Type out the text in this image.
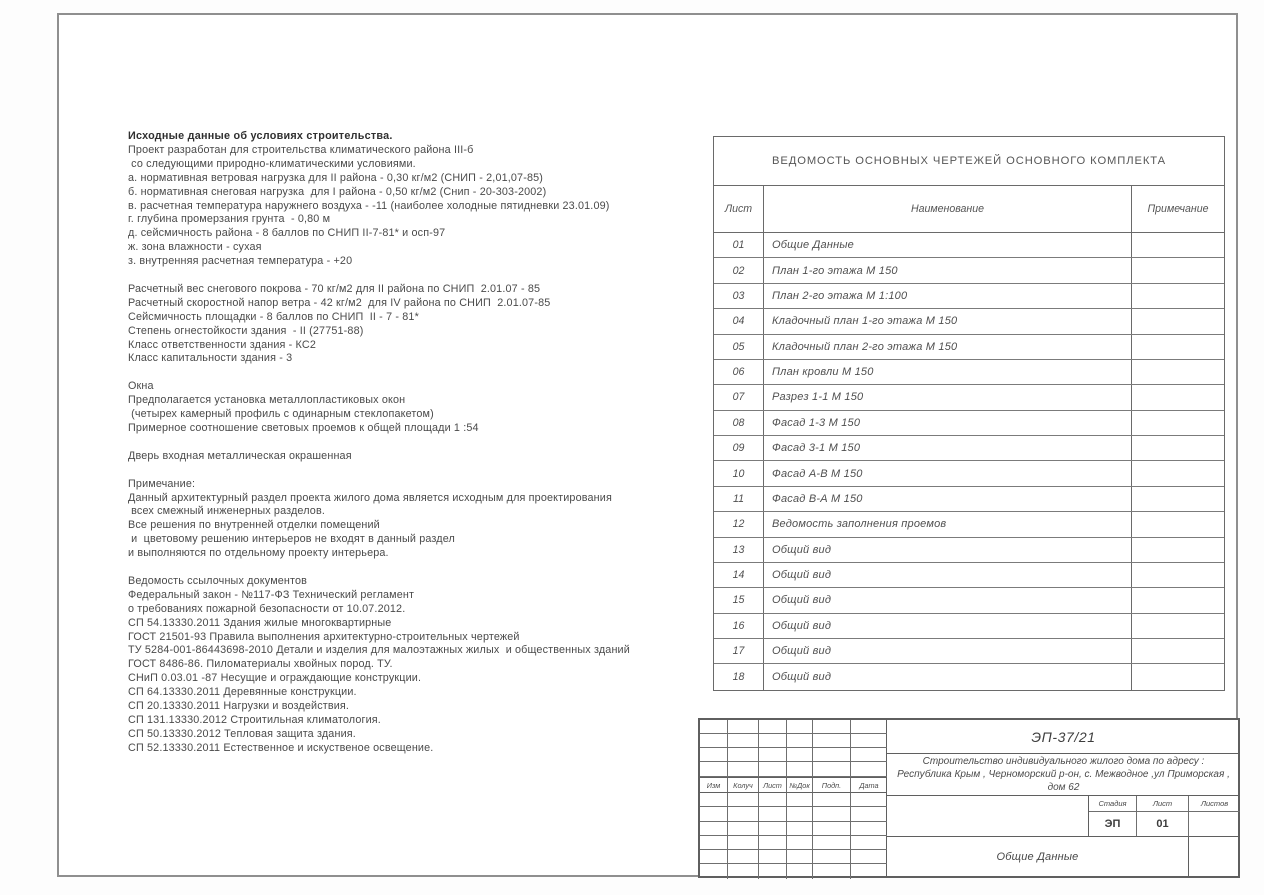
Исходные данные об условиях строительства.
Проект разработан для строительства климатического района III-б
со следующими природно-климатическими условиями.
а. нормативная ветровая нагрузка для II района - 0,30 кг/м2 (СНИП - 2,01,07-85)
б. нормативная снеговая нагрузка  для I района - 0,50 кг/м2 (Снип - 20-303-2002)
в. расчетная температура наружнего воздуха - -11 (наиболее холодные пятидневки 23.01.09)
г. глубина промерзания грунта  - 0,80 м
д. сейсмичность района - 8 баллов по СНИП II-7-81* и осп-97
ж. зона влажности - сухая
з. внутренняя расчетная температура - +20
Расчетный вес снегового покрова - 70 кг/м2 для II района по СНИП  2.01.07 - 85
Расчетный скоростной напор ветра - 42 кг/м2  для IV района по СНИП  2.01.07-85
Сейсмичность площадки - 8 баллов по СНИП  II - 7 - 81*
Степень огнестойкости здания  - II (27751-88)
Класс ответственности здания - КС2
Класс капитальности здания - 3
Окна
Предполагается установка металлопластиковых окон
(четырех камерный профиль с одинарным стеклопакетом)
Примерное соотношение световых проемов к общей площади 1 :54
Дверь входная металлическая окрашенная
Примечание:
Данный архитектурный раздел проекта жилого дома является исходным для проектирования
всех смежный инженерных разделов.
Все решения по внутренней отделки помещений
и  цветовому решению интерьеров не входят в данный раздел
и выполняются по отдельному проекту интерьера.
Ведомость ссылочных документов
Федеральный закон - №117-ФЗ Технический регламент
о требованиях пожарной безопасности от 10.07.2012.
СП 54.13330.2011 Здания жилые многоквартирные
ГОСТ 21501-93 Правила выполнения архитектурно-строительных чертежей
ТУ 5284-001-86443698-2010 Детали и изделия для малоэтажных жилых  и общественных зданий
ГОСТ 8486-86. Пиломатериалы хвойных пород. ТУ.
СНиП 0.03.01 -87 Несущие и ограждающие конструкции.
СП 64.13330.2011 Деревянные конструкции.
СП 20.13330.2011 Нагрузки и воздействия.
СП 131.13330.2012 Строитильная климатология.
СП 50.13330.2012 Тепловая защита здания.
СП 52.13330.2011 Естественное и искуственое освещение.
ВЕДОМОСТЬ ОСНОВНЫХ ЧЕРТЕЖЕЙ ОСНОВНОГО КОМПЛЕКТА
Лист	Наименование	Примечание
01	Общие Данные
02	План 1-го этажа М 150
03	План 2-го этажа М 1:100
04	Кладочный план 1-го этажа М 150
05	Кладочный план 2-го этажа М 150
06	План кровли М 150
07	Разрез 1-1 М 150
08	Фасад 1-3 М 150
09	Фасад 3-1 М 150
10	Фасад А-В М 150
11	Фасад В-А М 150
12	Ведомость заполнения проемов
13	Общий вид
14	Общий вид
15	Общий вид
16	Общий вид
17	Общий вид
18	Общий вид
Изм	Колуч	Лист	№Док	Подп.	Дата
ЭП-37/21
Строительство индивидуального жилого дома по адресу :
Республика Крым , Черноморский р-он, с. Межводное ,ул Приморская , дом 62
Стадия	Лист	Листов
ЭП	01
Общие Данные
